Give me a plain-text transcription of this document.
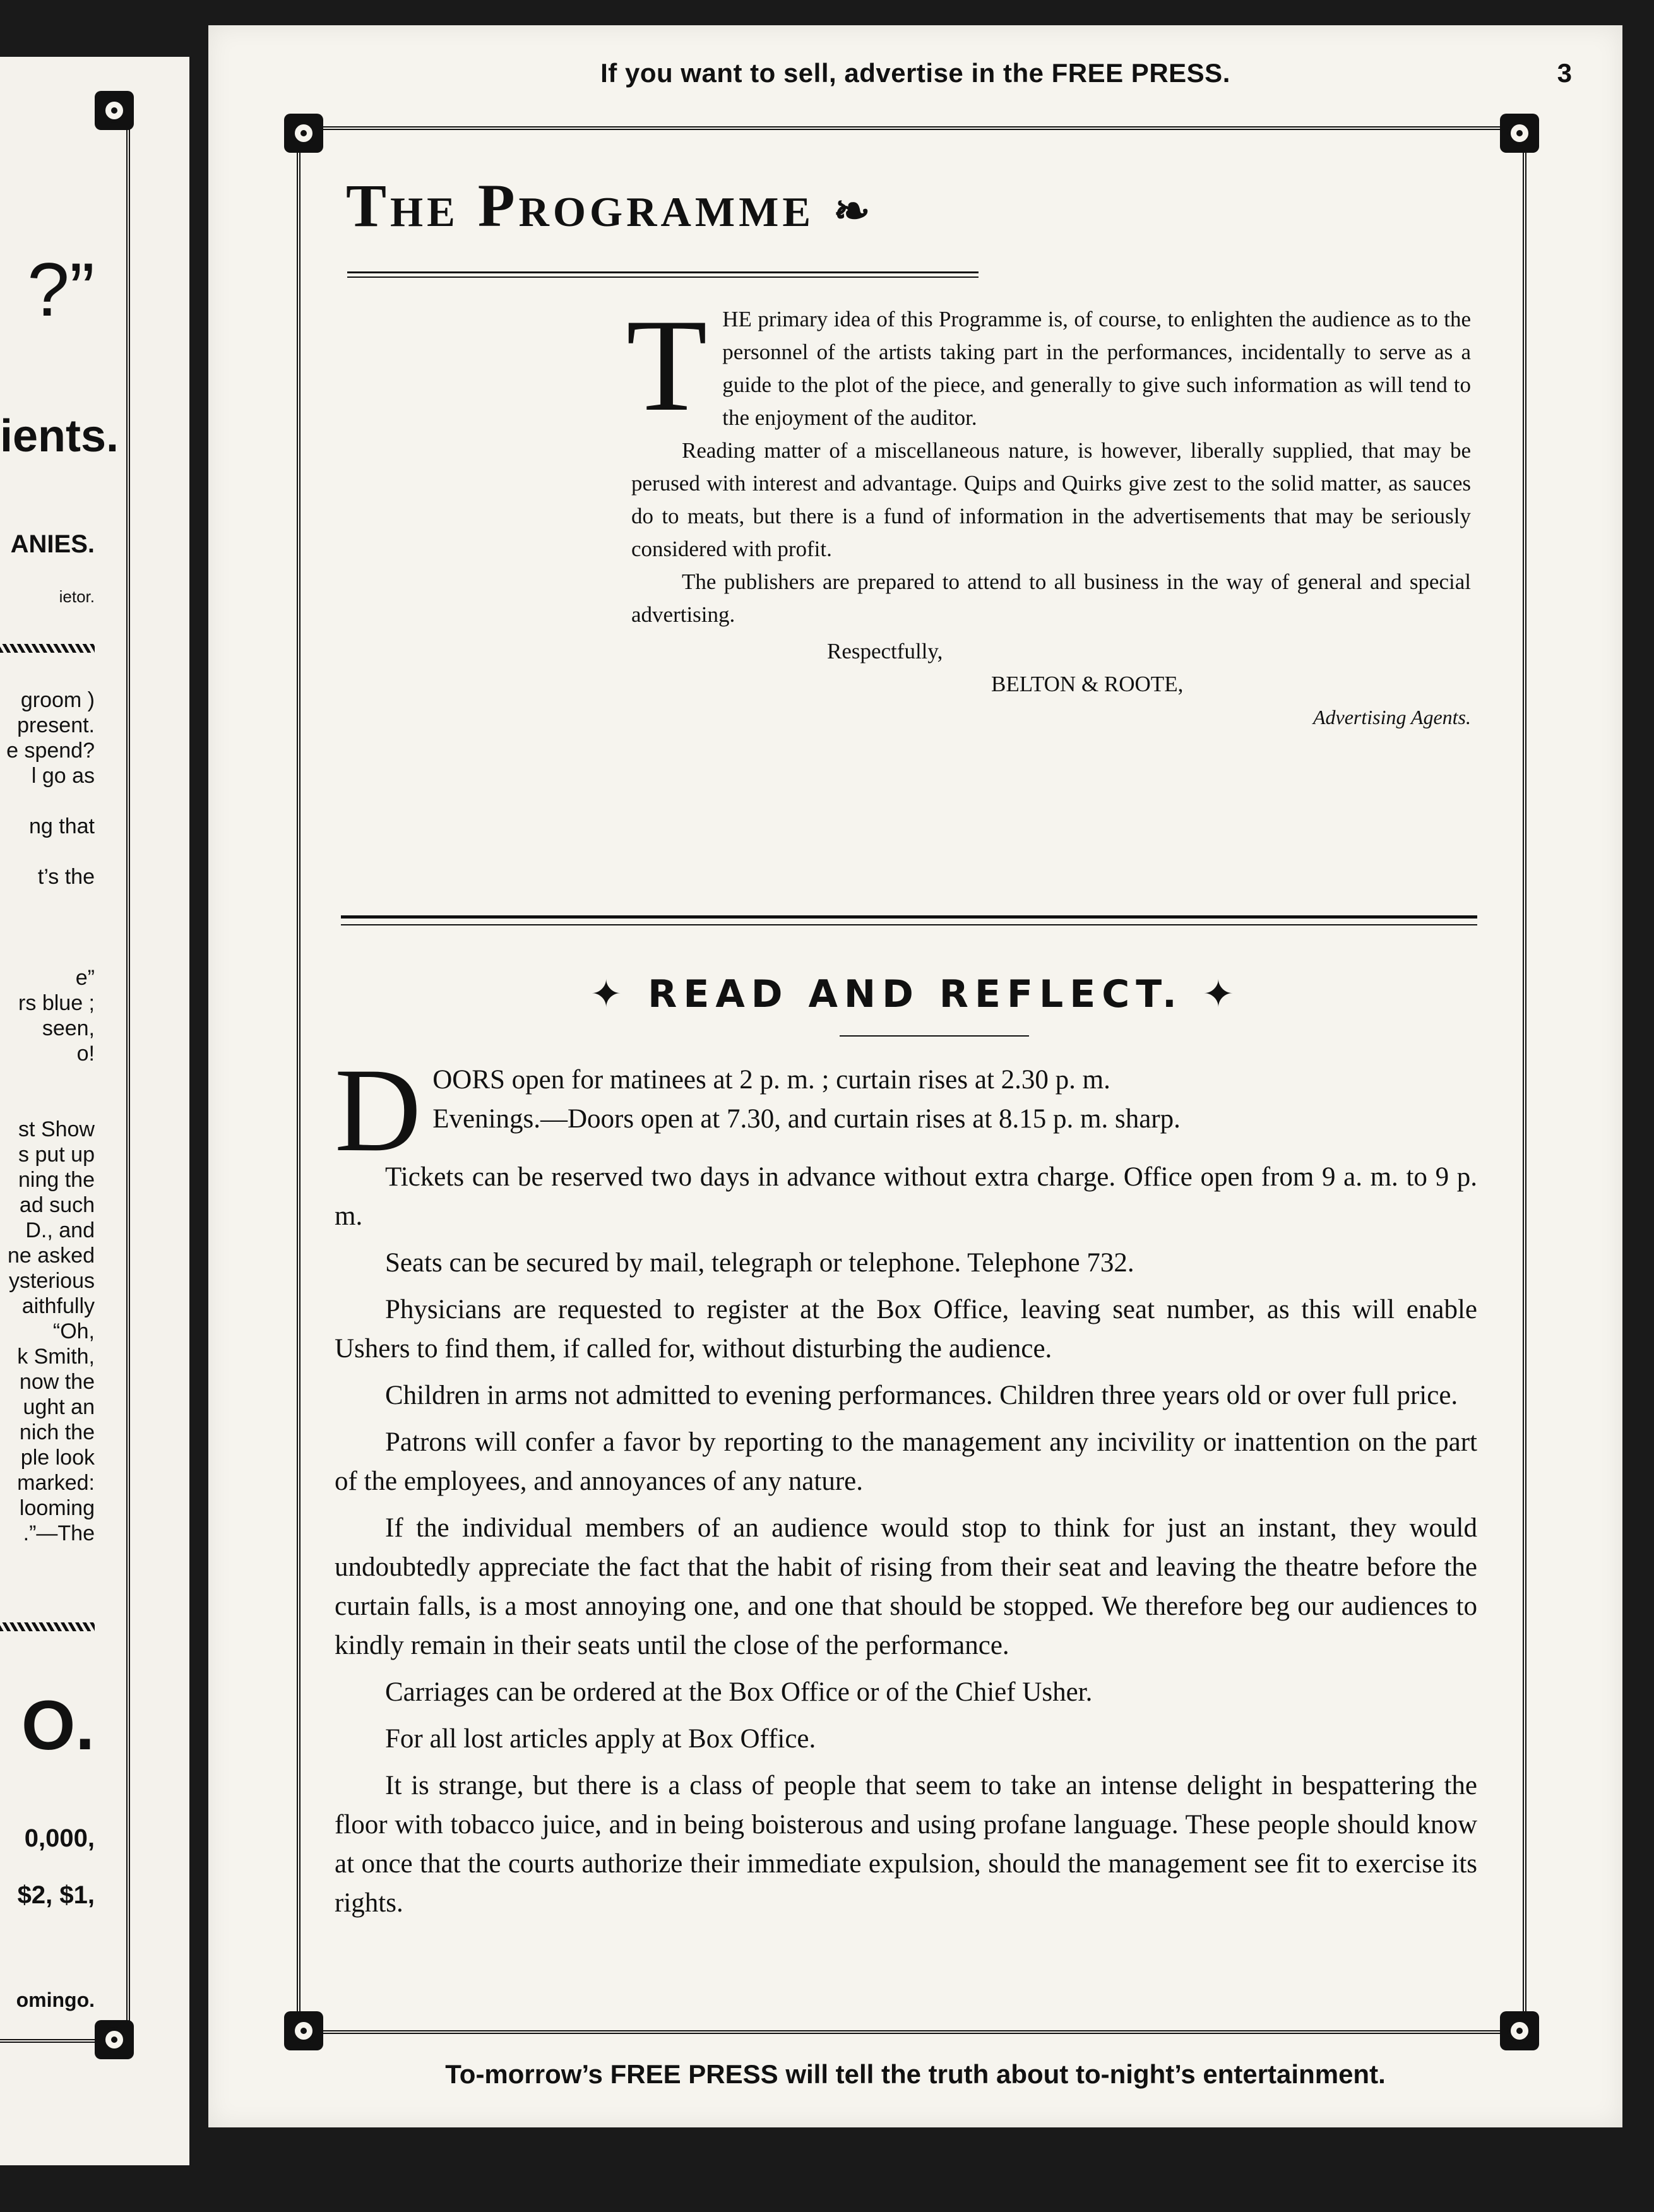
?”
ients.
ANIES.
ietor.
groom )
present.
e spend?
l go as
ng that
t’s the
e”
rs blue ;
seen,
o!
st Show
s put up
ning the
ad such
D., and
ne asked
ysterious
aithfully
“Oh,
k Smith,
now the
ught an
nich the
ple look
marked:
looming
.”—The
O.
0,000,
$2, $1,
omingo.
If you want to sell, advertise in the FREE PRESS.	3
The Programme ❧

THE primary idea of this Programme is, of course, to enlighten the audience as to the personnel of the artists taking part in the performances, incidentally to serve as a guide to the plot of the piece, and generally to give such information as will tend to the enjoyment of the auditor.

Reading matter of a miscellaneous nature, is however, liberally supplied, that may be perused with interest and advantage. Quips and Quirks give zest to the solid matter, as sauces do to meats, but there is a fund of information in the advertisements that may be seriously considered with profit.

The publishers are prepared to attend to all business in the way of general and special advertising.

Respectfully,
BELTON & ROOTE,
Advertising Agents.
✦ READ AND REFLECT. ✦

DOORS open for matinees at 2 p. m. ; curtain rises at 2.30 p. m.

Evenings.—Doors open at 7.30, and curtain rises at 8.15 p. m. sharp.

Tickets can be reserved two days in advance without extra charge. Office open from 9 a. m. to 9 p. m.

Seats can be secured by mail, telegraph or telephone. Telephone 732.

Physicians are requested to register at the Box Office, leaving seat number, as this will enable Ushers to find them, if called for, without disturbing the audience.

Children in arms not admitted to evening performances. Children three years old or over full price.

Patrons will confer a favor by reporting to the management any incivility or inattention on the part of the employees, and annoyances of any nature.

If the individual members of an audience would stop to think for just an instant, they would undoubtedly appreciate the fact that the habit of rising from their seat and leaving the theatre before the curtain falls, is a most annoying one, and one that should be stopped. We therefore beg our audiences to kindly remain in their seats until the close of the performance.

Carriages can be ordered at the Box Office or of the Chief Usher.

For all lost articles apply at Box Office.

It is strange, but there is a class of people that seem to take an intense delight in bespattering the floor with tobacco juice, and in being boisterous and using profane language. These people should know at once that the courts authorize their immediate expulsion, should the management see fit to exercise its rights.

To-morrow’s FREE PRESS will tell the truth about to-night’s entertainment.
